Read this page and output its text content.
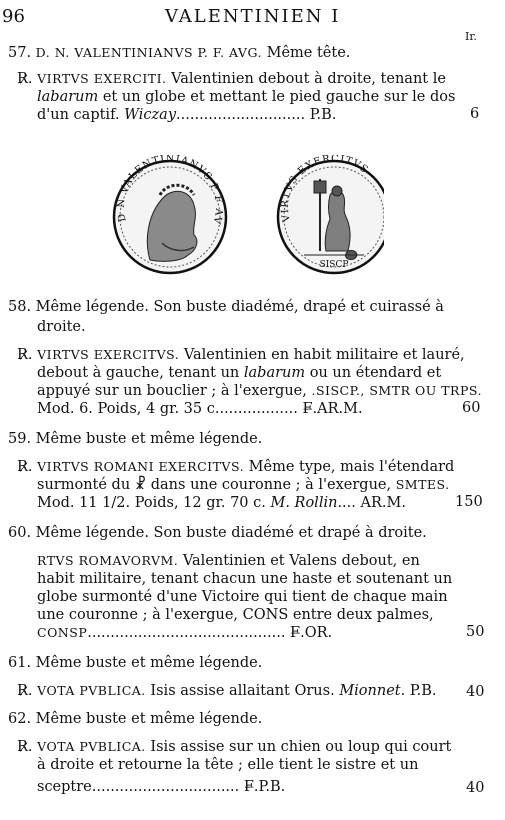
96	VALENTINIEN I
Ir.
57. D. N. VALENTINIANVS P. F. AVG. Même tête.
R̷. VIRTVS EXERCITI. Valentinien debout à droite, tenant le
labarum et un globe et mettant le pied gauche sur le dos
d'un captif. Wiczay............................ P.B.	6
D N VALENTINIANVS P F AV	VIRTVS EXERCITVS
SISCP
58. Même légende. Son buste diadémé, drapé et cuirassé à
droite.
R̷. VIRTVS EXERCITVS. Valentinien en habit militaire et lauré,
debout à gauche, tenant un labarum ou un étendard et
appuyé sur un bouclier ; à l'exergue, .SISCP., SMTR OU TRPS.
Mod. 6. Poids, 4 gr. 35 c.................. F̶.AR.M.	60
59. Même buste et même légende.
R̷. VIRTVS ROMANI EXERCITVS. Même type, mais l'étendard
surmonté du ☧ dans une couronne ; à l'exergue, SMTES.
Mod. 11 1/2. Poids, 12 gr. 70 c. M. Rollin.... AR.M.	150
60. Même légende. Son buste diadémé et drapé à droite.
RTVS ROMAVORVM. Valentinien et Valens debout, en
habit militaire, tenant chacun une haste et soutenant un
globe surmonté d'une Victoire qui tient de chaque main
une couronne ; à l'exergue, CONS entre deux palmes,
CONSP........................................... F̶.OR.	50
61. Même buste et même légende.
R̷. VOTA PVBLICA. Isis assise allaitant Orus. Mionnet. P.B. 40
62. Même buste et même légende.
R̷. VOTA PVBLICA. Isis assise sur un chien ou loup qui court
à droite et retourne la tête ; elle tient le sistre et un
sceptre................................ F̶.P.B.	40
